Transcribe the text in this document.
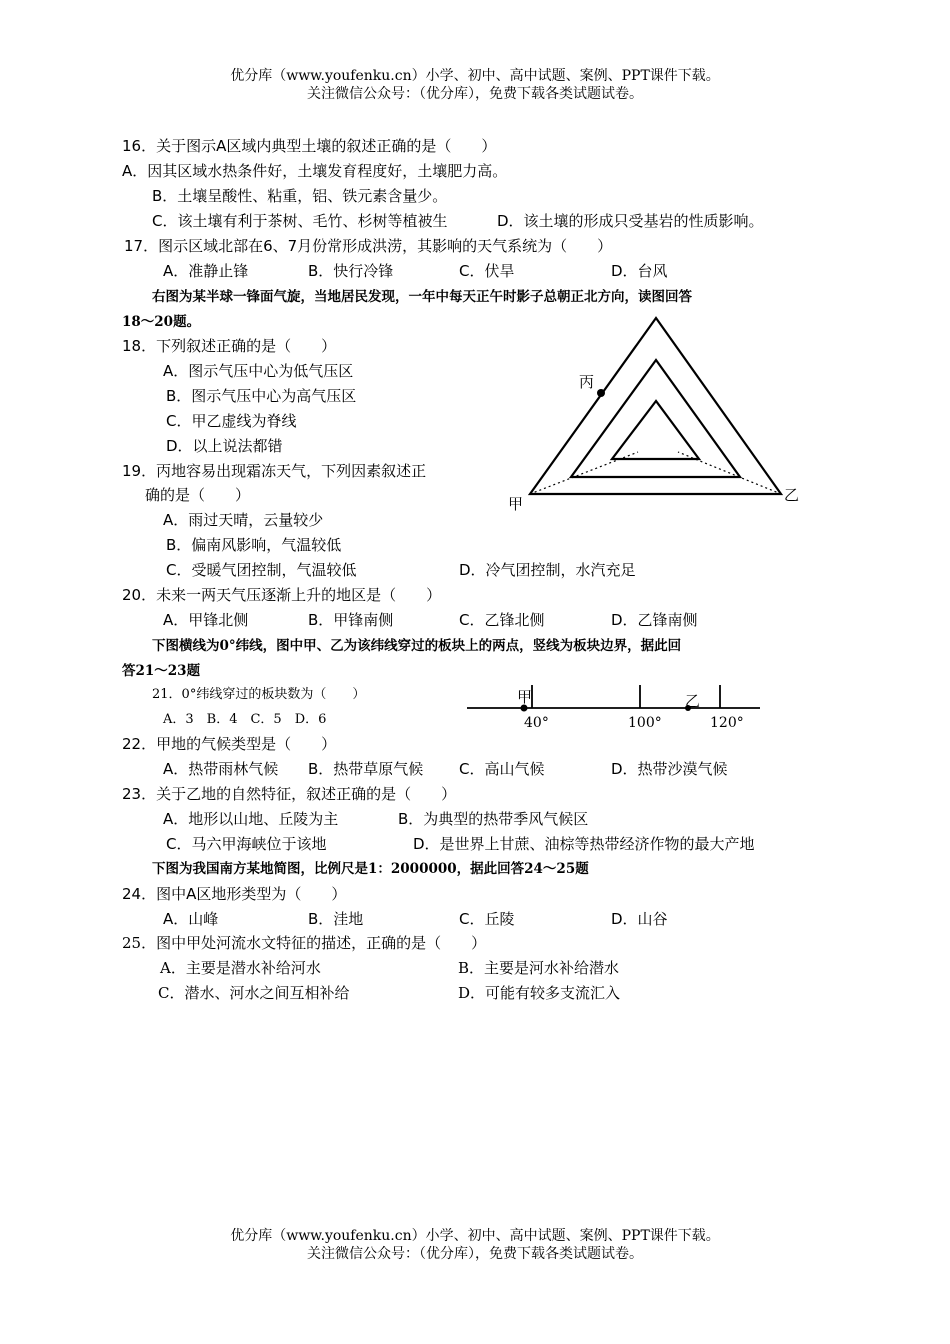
优分库（www.youfenku.cn）小学、初中、高中试题、案例、PPT课件下载。
关注微信公众号：（优分库），免费下载各类试题试卷。
16．关于图示A区域内典型土壤的叙述正确的是（　　）
A．因其区域水热条件好，土壤发育程度好，土壤肥力高。
B．土壤呈酸性、粘重，铝、铁元素含量少。
C．该土壤有利于茶树、毛竹、杉树等植被生	D．该土壤的形成只受基岩的性质影响。
17．图示区域北部在6、7月份常形成洪涝，其影响的天气系统为（　　）
A．准静止锋	B．快行冷锋	C．伏旱	D．台风
右图为某半球一锋面气旋，当地居民发现，一年中每天正午时影子总朝正北方向，读图回答
18～20题。
18．下列叙述正确的是（　　）
A．图示气压中心为低气压区
B．图示气压中心为高气压区
C．甲乙虚线为脊线
D．以上说法都错
19．丙地容易出现霜冻天气，下列因素叙述正
确的是（　　）
A．雨过天晴，云量较少
B．偏南风影响，气温较低
C．受暖气团控制，气温较低	D．冷气团控制，水汽充足
20．未来一两天气压逐渐上升的地区是（　　）
A．甲锋北侧	B．甲锋南侧	C．乙锋北侧	D．乙锋南侧
丙
甲	乙
甲	乙
40°	100°	120°
下图横线为0°纬线，图中甲、乙为该纬线穿过的板块上的两点，竖线为板块边界，据此回
答21～23题
21．0°纬线穿过的板块数为（　　）
A．3　B．4　C．5　D．6
22．甲地的气候类型是（　　）
A．热带雨林气候 B．热带草原气候 C．高山气候	D．热带沙漠气候
23．关于乙地的自然特征，叙述正确的是（　　）
A．地形以山地、丘陵为主	B．为典型的热带季风气候区
C．马六甲海峡位于该地	D．是世界上甘蔗、油棕等热带经济作物的最大产地
下图为我国南方某地简图，比例尺是1：2000000，据此回答24～25题
24．图中A区地形类型为（　　）
A．山峰	B．洼地	C．丘陵	D．山谷
25．图中甲处河流水文特征的描述，正确的是（　　）
A．主要是潜水补给河水	B．主要是河水补给潜水
C．潜水、河水之间互相补给	D．可能有较多支流汇入
优分库（www.youfenku.cn）小学、初中、高中试题、案例、PPT课件下载。
关注微信公众号：（优分库），免费下载各类试题试卷。
